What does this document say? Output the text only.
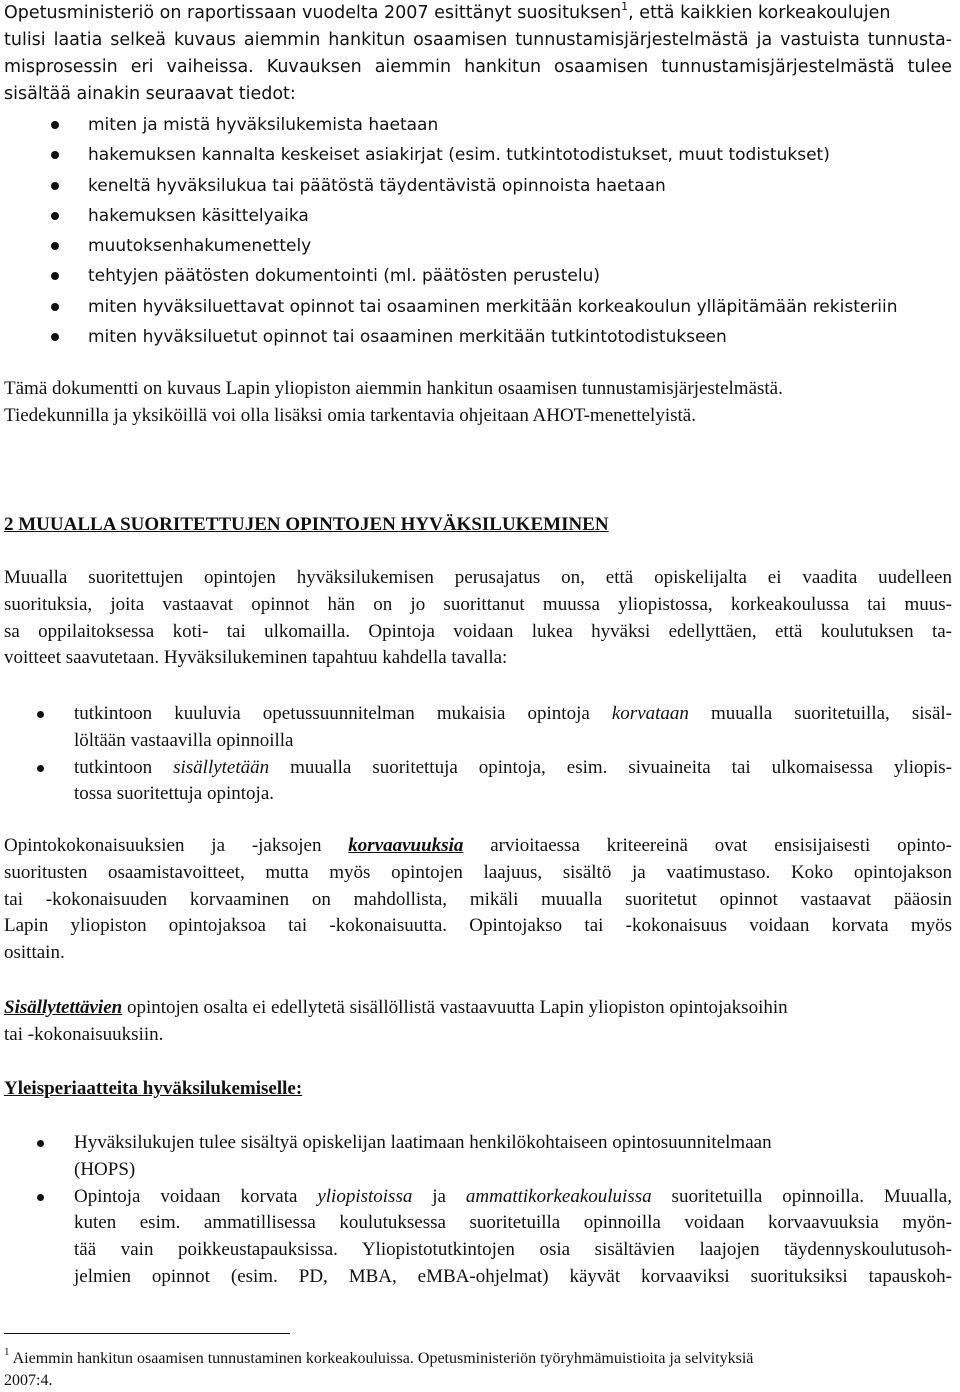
Opetusministeriö on raportissaan vuodelta 2007 esittänyt suosituksen$^1$, että kaikkien korkeakoulujen
tulisi laatia selkeä kuvaus aiemmin hankitun osaamisen tunnustamisjärjestelmästä ja vastuista tunnusta-
misprosessin eri vaiheissa. Kuvauksen aiemmin hankitun osaamisen tunnustamisjärjestelmästä tulee
sisältää ainakin seuraavat tiedot:
miten ja mistä hyväksilukemista haetaan
hakemuksen kannalta keskeiset asiakirjat (esim. tutkintotodistukset, muut todistukset)
keneltä hyväksilukua tai päätöstä täydentävistä opinnoista haetaan
hakemuksen käsittelyaika
muutoksenhakumenettely
tehtyjen päätösten dokumentointi (ml. päätösten perustelu)
miten hyväksiluettavat opinnot tai osaaminen merkitään korkeakoulun ylläpitämään rekisteriin
miten hyväksiluetut opinnot tai osaaminen merkitään tutkintotodistukseen
Tämä dokumentti on kuvaus Lapin yliopiston aiemmin hankitun osaamisen tunnustamisjärjestelmästä.
Tiedekunnilla ja yksiköillä voi olla lisäksi omia tarkentavia ohjeitaan AHOT-menettelyistä.
2 MUUALLA SUORITETTUJEN OPINTOJEN HYVÄKSILUKEMINEN
Muualla suoritettujen opintojen hyväksilukemisen perusajatus on, että opiskelijalta ei vaadita uudelleen
suorituksia, joita vastaavat opinnot hän on jo suorittanut muussa yliopistossa, korkeakoulussa tai muus-
sa oppilaitoksessa koti- tai ulkomailla. Opintoja voidaan lukea hyväksi edellyttäen, että koulutuksen ta-
voitteet saavutetaan. Hyväksilukeminen tapahtuu kahdella tavalla:
tutkintoon kuuluvia opetussuunnitelman mukaisia opintoja korvataan muualla suoritetuilla, sisäl-
löltään vastaavilla opinnoilla
tutkintoon sisällytetään muualla suoritettuja opintoja, esim. sivuaineita tai ulkomaisessa yliopis-
tossa suoritettuja opintoja.
Opintokokonaisuuksien ja -jaksojen korvaavuuksia arvioitaessa kriteereinä ovat ensisijaisesti opinto-
suoritusten osaamistavoitteet, mutta myös opintojen laajuus, sisältö ja vaatimustaso. Koko opintojakson
tai -kokonaisuuden korvaaminen on mahdollista, mikäli muualla suoritetut opinnot vastaavat pääosin
Lapin yliopiston opintojaksoa tai -kokonaisuutta. Opintojakso tai -kokonaisuus voidaan korvata myös
osittain.
Sisällytettävien opintojen osalta ei edellytetä sisällöllistä vastaavuutta Lapin yliopiston opintojaksoihin
tai -kokonaisuuksiin.
Yleisperiaatteita hyväksilukemiselle:
Hyväksilukujen tulee sisältyä opiskelijan laatimaan henkilökohtaiseen opintosuunnitelmaan
(HOPS)
Opintoja voidaan korvata yliopistoissa ja ammattikorkeakouluissa suoritetuilla opinnoilla. Muualla,
kuten esim. ammatillisessa koulutuksessa suoritetuilla opinnoilla voidaan korvaavuuksia myön-
tää vain poikkeustapauksissa. Yliopistotutkintojen osia sisältävien laajojen täydennyskoulutusoh-
jelmien opinnot (esim. PD, MBA, eMBA-ohjelmat) käyvät korvaaviksi suorituksiksi tapauskoh-
$^1$ Aiemmin hankitun osaamisen tunnustaminen korkeakouluissa. Opetusministeriön työryhmämuistioita ja selvityksiä
2007:4.
